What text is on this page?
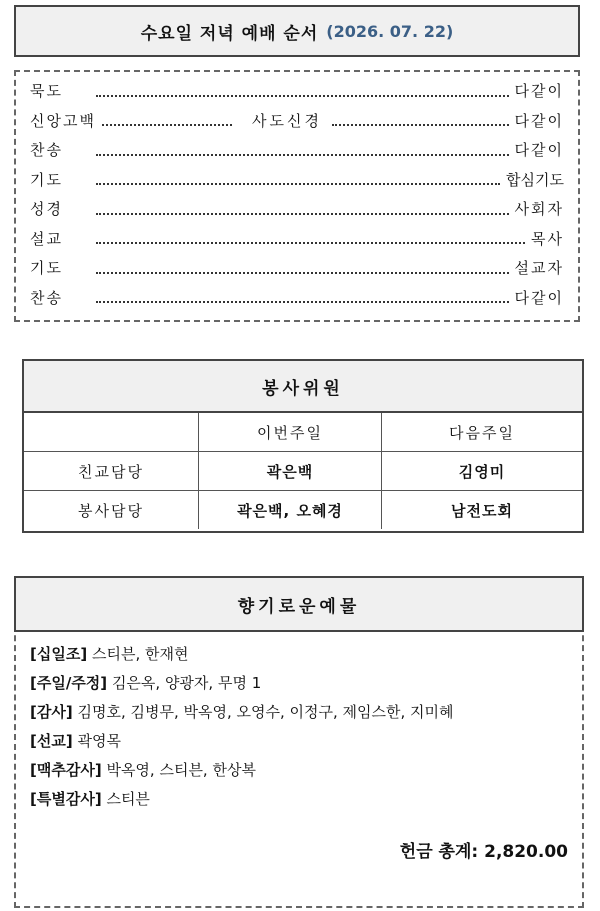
수요일 저녁 예배 순서 (2026. 07. 22)
묵도	다같이
신앙고백	사도신경	다같이
찬송	다같이
기도	합심기도
성경	사회자
설교	목사
기도	설교자
찬송	다같이
봉사위원
	이번주일	다음주일
친교담당	곽은백	김영미
봉사담당	곽은백, 오혜경	남전도회
향기로운예물
[십일조] 스티븐, 한재현
[주일/주정] 김은옥, 양광자, 무명 1
[감사] 김명호, 김병무, 박옥영, 오영수, 이정구, 제임스한, 지미혜
[선교] 곽영목
[맥추감사] 박옥영, 스티븐, 한상복
[특별감사] 스티븐
헌금 총계: 2,820.00
